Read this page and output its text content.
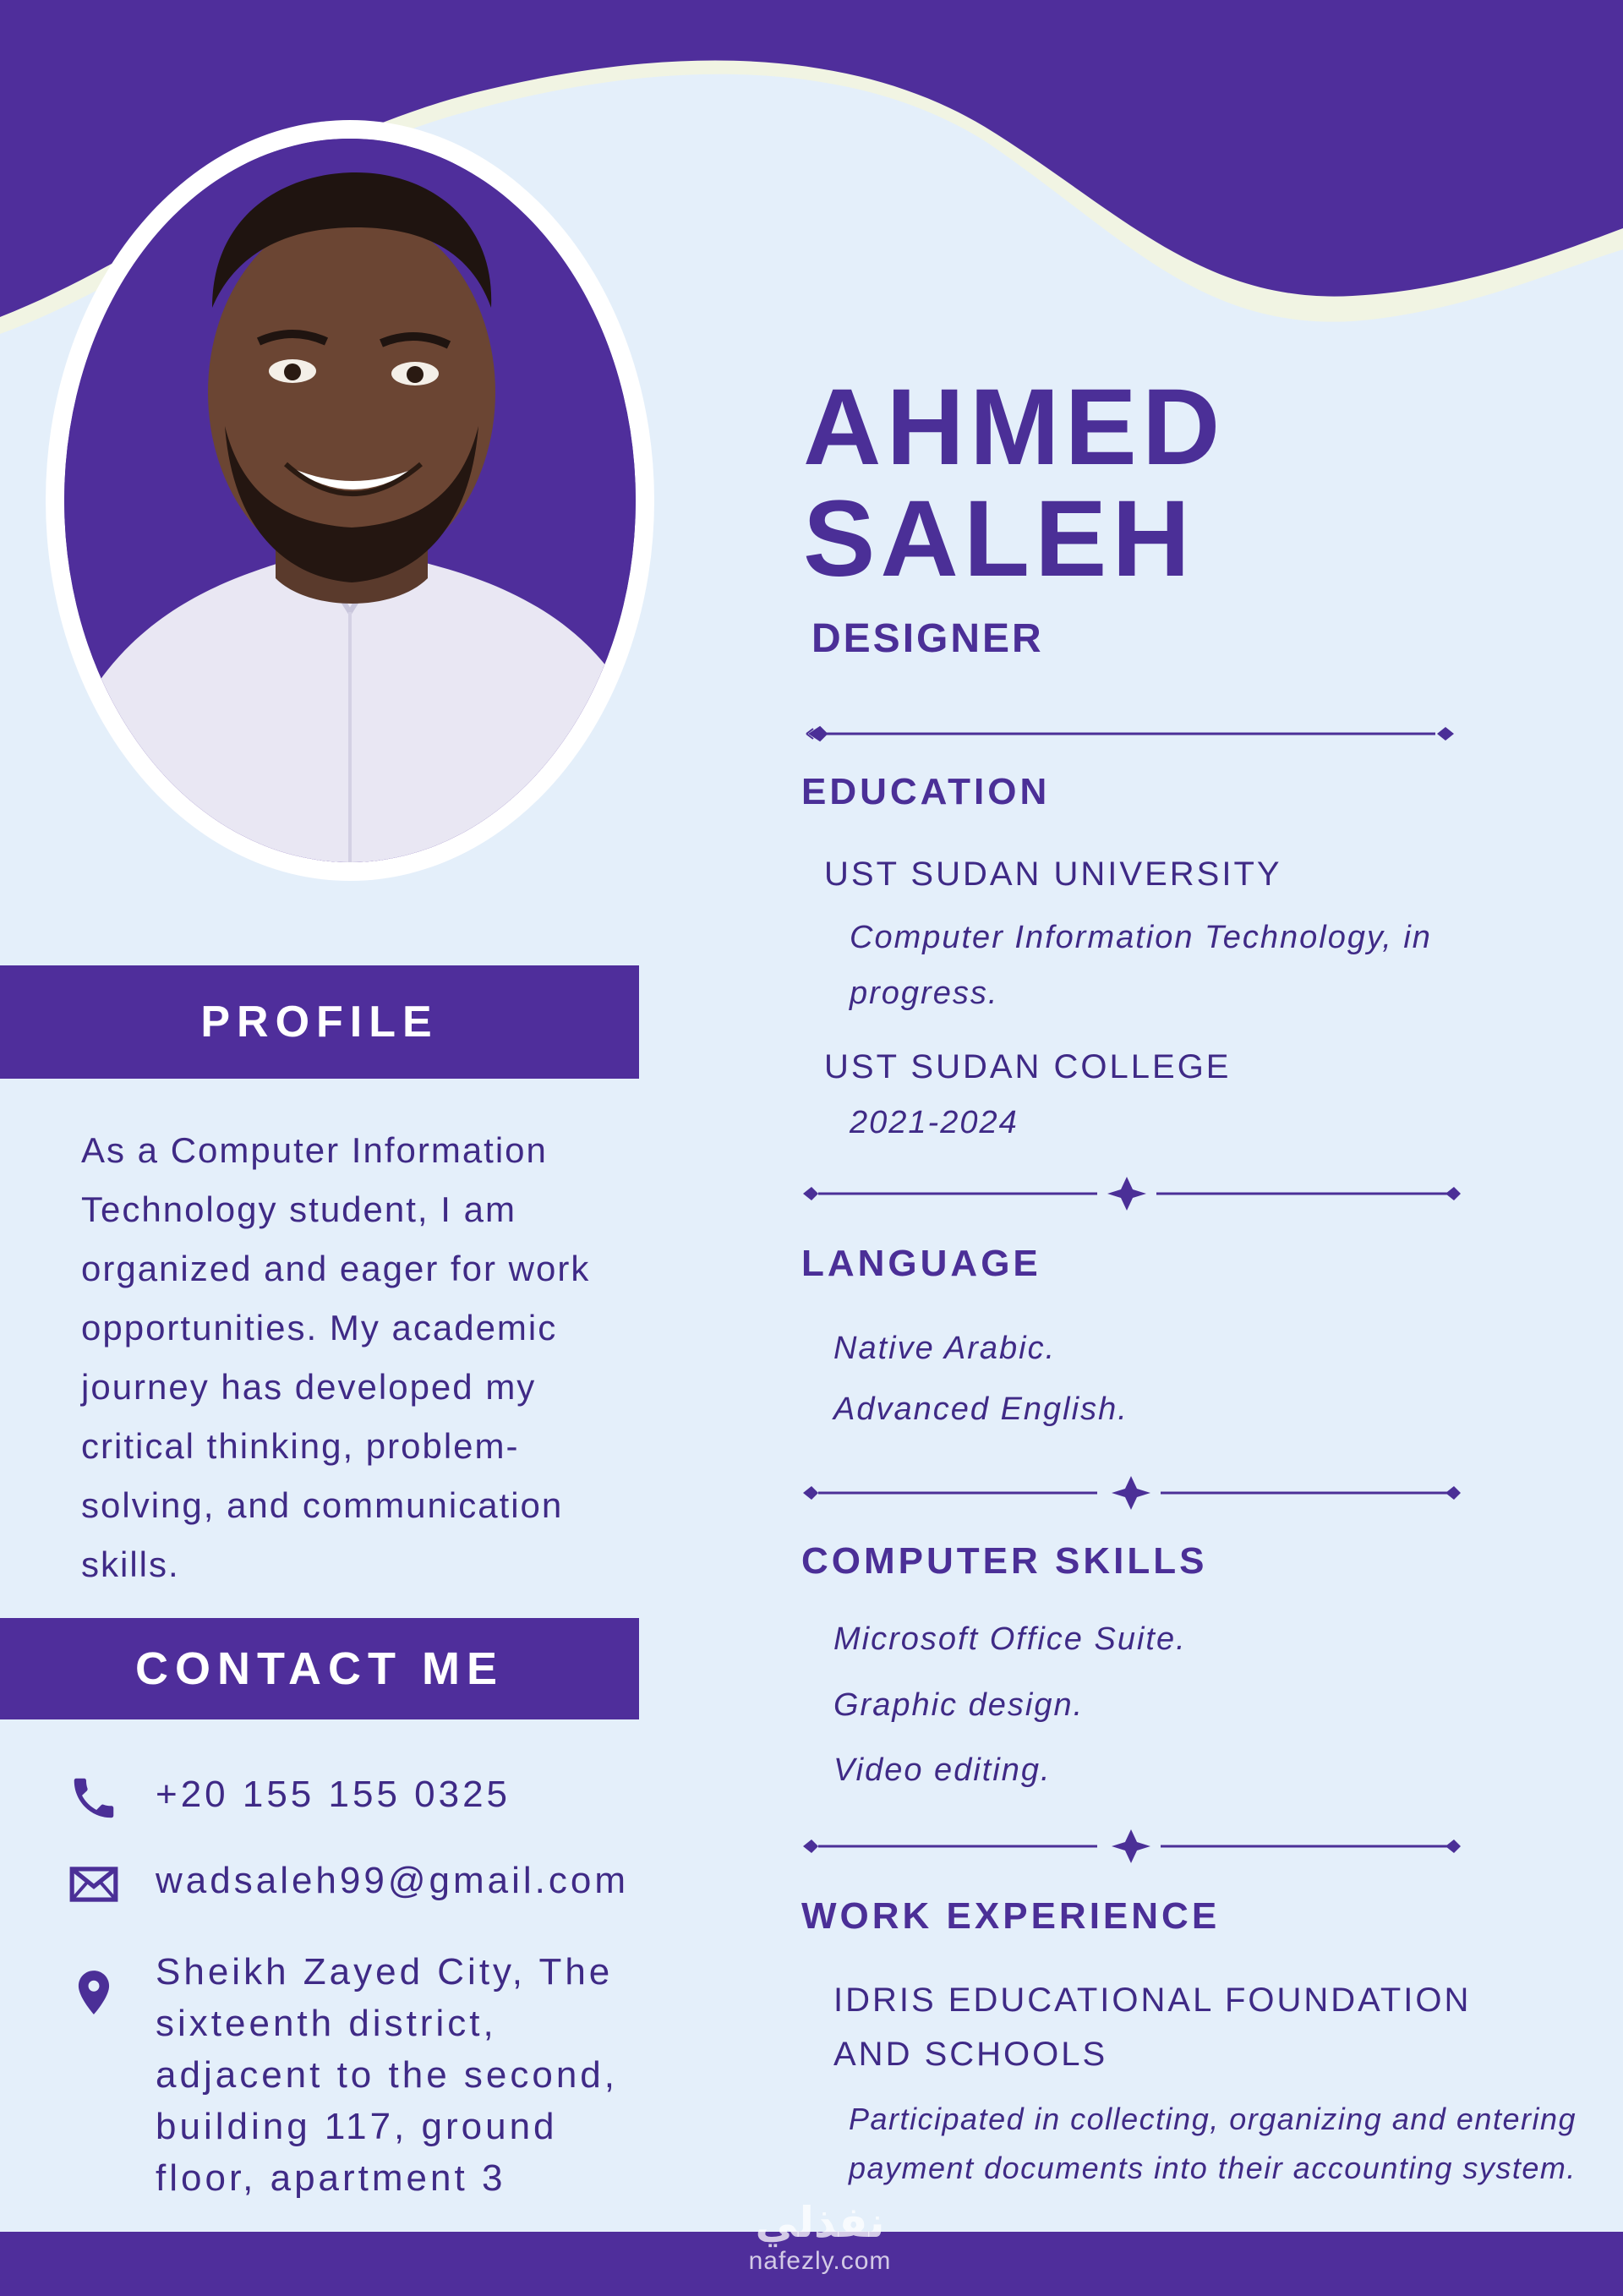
AHMED
SALEH
DESIGNER
EDUCATION
UST SUDAN UNIVERSITY
Computer Information Technology, in
progress.
UST SUDAN COLLEGE
2021-2024
LANGUAGE
Native Arabic.
Advanced English.
COMPUTER SKILLS
Microsoft Office Suite.
Graphic design.
Video editing.
WORK EXPERIENCE
IDRIS EDUCATIONAL FOUNDATION
AND SCHOOLS
Participated in collecting, organizing and entering
payment documents into their accounting system.
PROFILE
As a Computer Information Technology student, I am organized and eager for work opportunities. My academic journey has developed my critical thinking, problem-solving, and communication skills.
CONTACT ME
+20 155 155 0325
wadsaleh99@gmail.com
Sheikh Zayed City, The
sixteenth district,
adjacent to the second,
building 117, ground
floor, apartment 3
نفذلي
nafezly.com
